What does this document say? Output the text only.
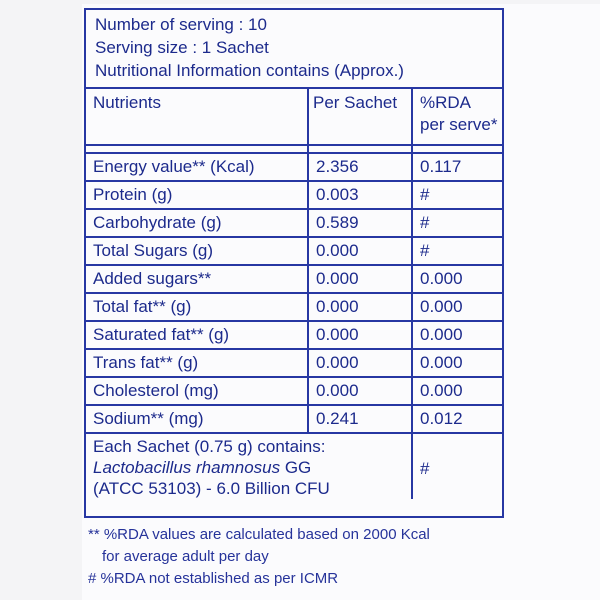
Number of serving : 10
Serving size : 1 Sachet
Nutritional Information contains (Approx.)
Nutrients	Per Sachet	%RDA
per serve*

Energy value** (Kcal)	2.356	0.117
Protein (g)	0.003	#
Carbohydrate (g)	0.589	#
Total Sugars (g)	0.000	#
Added sugars**	0.000	0.000
Total fat** (g)	0.000	0.000
Saturated fat** (g)	0.000	0.000
Trans fat** (g)	0.000	0.000
Cholesterol (mg)	0.000	0.000
Sodium** (mg)	0.241	0.012

Each Sachet (0.75 g) contains:
Lactobacillus rhamnosus GG
(ATCC 53103) - 6.0 Billion CFU		#
** %RDA values are calculated based on 2000 Kcal
for average adult per day
# %RDA not established as per ICMR
